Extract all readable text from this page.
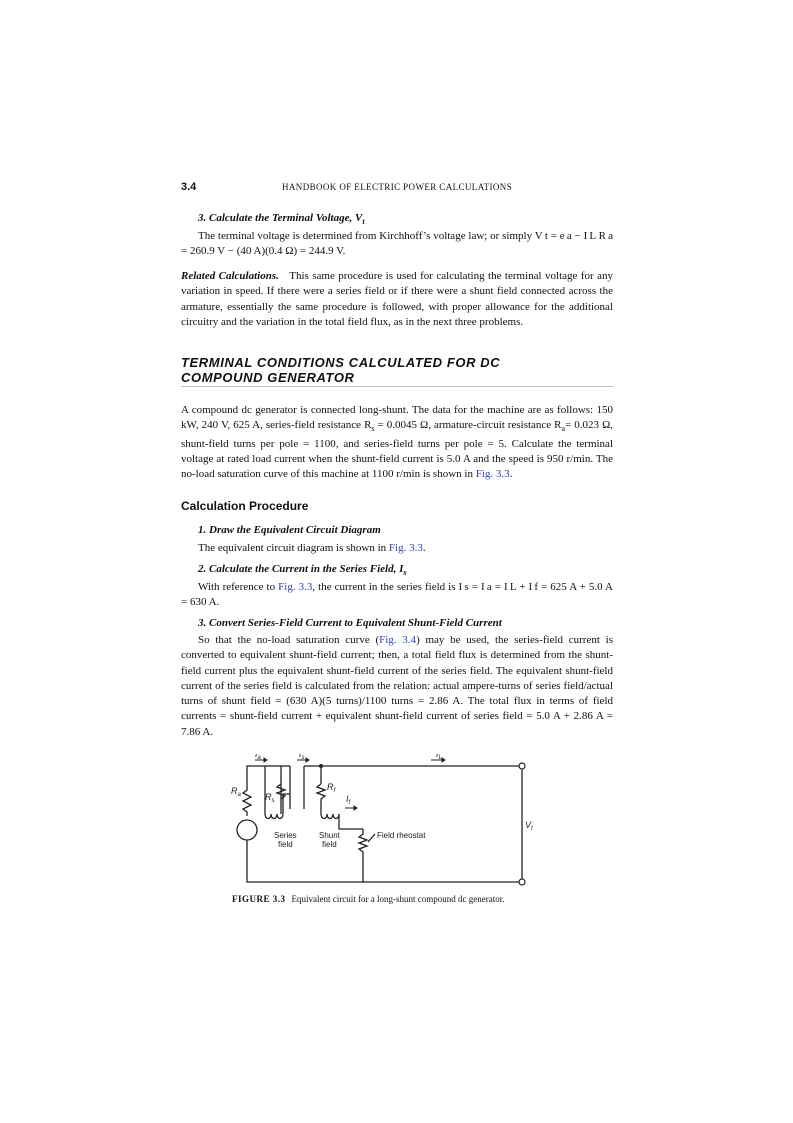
3.4	HANDBOOK OF ELECTRIC POWER CALCULATIONS
3. Calculate the Terminal Voltage, $V_t$
The terminal voltage is determined from Kirchhoff’s voltage law; or simply V t = e a − I L R a = 260.9 V − (40 A)(0.4 Ω) = 244.9 V.
Related Calculations. This same procedure is used for calculating the terminal voltage for any variation in speed. If there were a series field or if there were a shunt field connected across the armature, essentially the same procedure is followed, with proper allowance for the additional circuitry and the variation in the total field flux, as in the next three problems.
TERMINAL CONDITIONS CALCULATED FOR DC
COMPOUND GENERATOR
A compound dc generator is connected long-shunt. The data for the machine are as follows: 150 kW, 240 V, 625 A, series-field resistance $R_s = 0.0045$ Ω, armature-circuit resistance $R_a= 0.023$ Ω, shunt-field turns per pole = 1100, and series-field turns per pole = 5. Calculate the terminal voltage at rated load current when the shunt-field current is 5.0 A and the speed is 950 r/min. The no-load saturation curve of this machine at 1100 r/min is shown in Fig. 3.3.
Calculation Procedure
1. Draw the Equivalent Circuit Diagram
The equivalent circuit diagram is shown in Fig. 3.3.
2. Calculate the Current in the Series Field, $I_s$
With reference to Fig. 3.3, the current in the series field is I s = I a = I L + I f = 625 A + 5.0 A = 630 A.
3. Convert Series-Field Current to Equivalent Shunt-Field Current
So that the no-load saturation curve (Fig. 3.4) may be used, the series-field current is converted to equivalent shunt-field current; then, a total field flux is determined from the shunt-field current plus the equivalent shunt-field current of the series field. The equivalent shunt-field current of the series field is calculated from the relation: actual ampere-turns of series field/actual turns of shunt field = (630 A)(5 turns)/1100 turns = 2.86 A. The total flux in terms of field currents = shunt-field current + equivalent shunt-field current of series field = 5.0 A + 2.86 A = 7.86 A.
$I_a$	$I_s$	$I_L$
$I_f$
$R_a$	$R_s$
$R_f$
$V_t$
Series
field
Shunt
field
Field rheostat
FIGURE 3.3 Equivalent circuit for a long-shunt compound dc generator.
